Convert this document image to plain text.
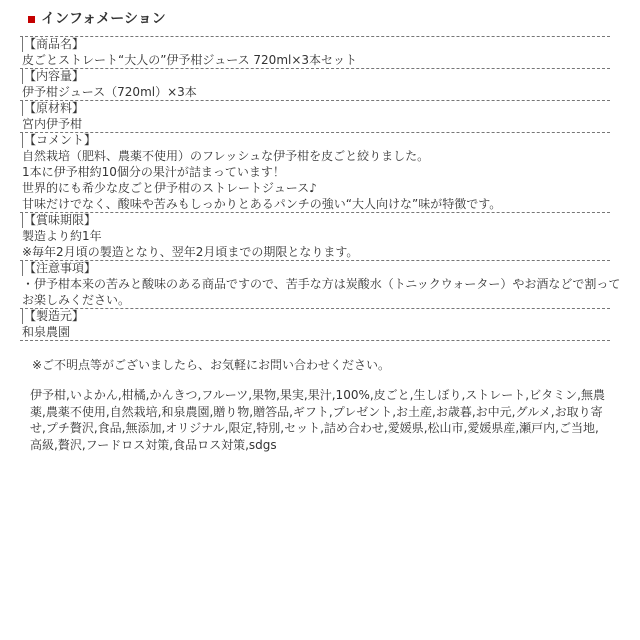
インフォメーション
【商品名】
皮ごとストレート“大人の”伊予柑ジュース 720ml×3本セット
【内容量】
伊予柑ジュース（720ml）×3本
【原材料】
宮内伊予柑
【コメント】
自然栽培（肥料、農薬不使用）のフレッシュな伊予柑を皮ごと絞りました。
1本に伊予柑約10個分の果汁が詰まっています！
世界的にも希少な皮ごと伊予柑のストレートジュース♪
甘味だけでなく、酸味や苦みもしっかりとあるパンチの強い“大人向けな”味が特徴です。
【賞味期限】
製造より約1年
※毎年2月頃の製造となり、翌年2月頃までの期限となります。
【注意事項】
・伊予柑本来の苦みと酸味のある商品ですので、苦手な方は炭酸水（トニックウォーター）やお酒などで割って
お楽しみください。
【製造元】
和泉農園
※ご不明点等がございましたら、お気軽にお問い合わせください。
伊予柑,いよかん,柑橘,かんきつ,フルーツ,果物,果実,果汁,100%,皮ごと,生しぼり,ストレート,ビタミン,無農薬,農薬不使用,自然栽培,和泉農園,贈り物,贈答品,ギフト,プレゼント,お土産,お歳暮,お中元,グルメ,お取り寄せ,プチ贅沢,食品,無添加,オリジナル,限定,特別,セット,詰め合わせ,愛媛県,松山市,愛媛県産,瀬戸内,ご当地,高級,贅沢,フードロス対策,食品ロス対策,sdgs
